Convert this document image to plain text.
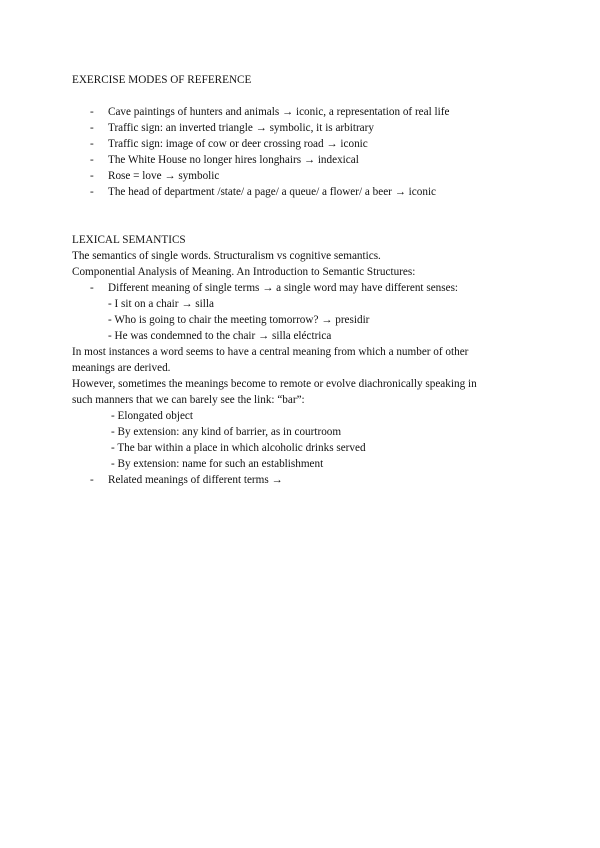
EXERCISE MODES OF REFERENCE
- Cave paintings of hunters and animals → iconic, a representation of real life
- Traffic sign: an inverted triangle → symbolic, it is arbitrary
- Traffic sign: image of cow or deer crossing road → iconic
- The White House no longer hires longhairs → indexical
- Rose = love → symbolic
- The head of department /state/ a page/ a queue/ a flower/ a beer → iconic
LEXICAL SEMANTICS
The semantics of single words. Structuralism vs cognitive semantics.
Componential Analysis of Meaning. An Introduction to Semantic Structures:
- Different meaning of single terms → a single word may have different senses:
- I sit on a chair → silla
- Who is going to chair the meeting tomorrow? → presidir
- He was condemned to the chair → silla eléctrica
In most instances a word seems to have a central meaning from which a number of other
meanings are derived.
However, sometimes the meanings become to remote or evolve diachronically speaking in
such manners that we can barely see the link: “bar”:
- Elongated object
- By extension: any kind of barrier, as in courtroom
- The bar within a place in which alcoholic drinks served
- By extension: name for such an establishment
- Related meanings of different terms →
